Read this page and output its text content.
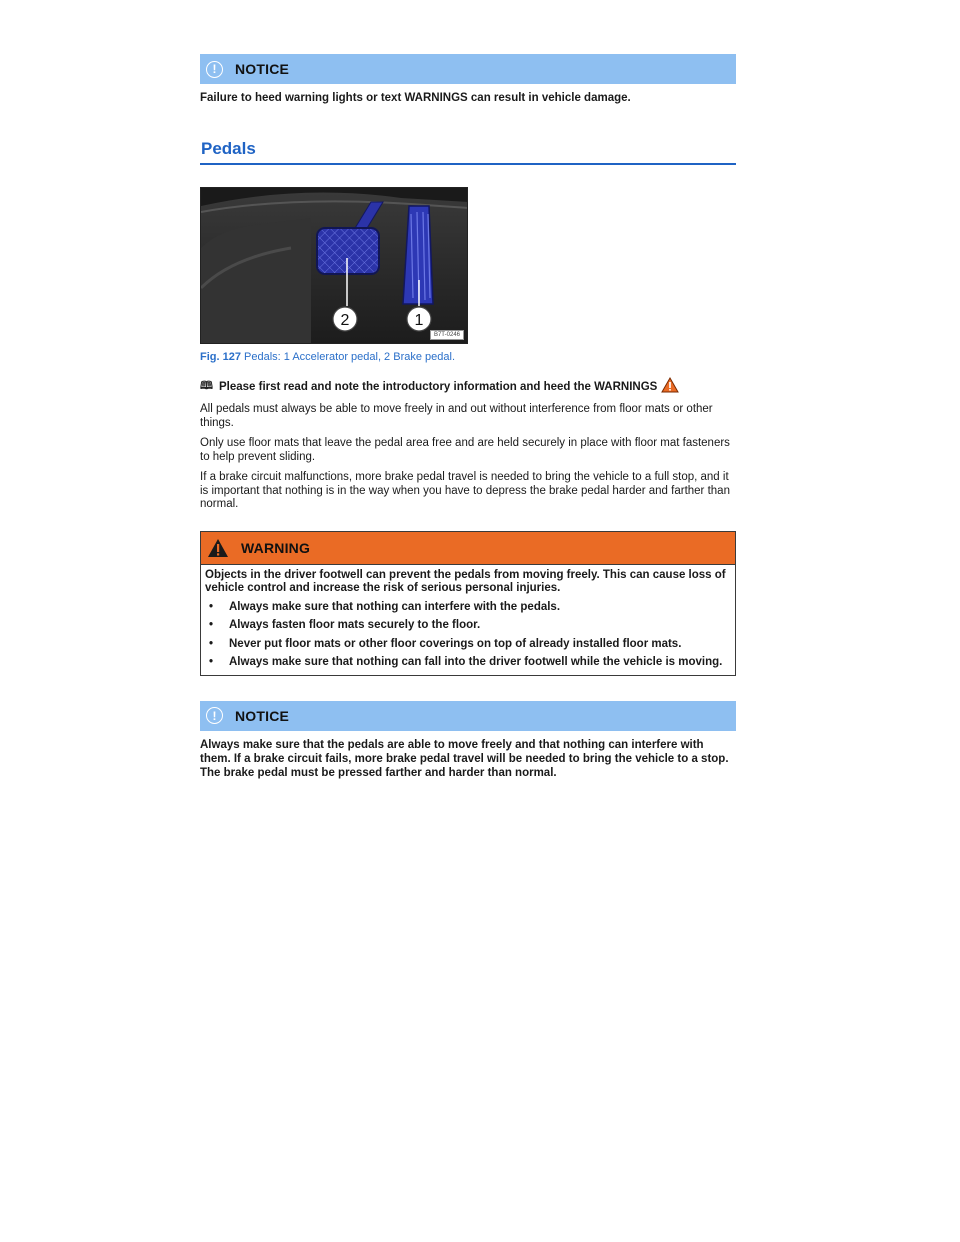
!	NOTICE
Failure to heed warning lights or text WARNINGS can result in vehicle damage.
Pedals
2	1
B7T-0246
Fig. 127 Pedals: 1 Accelerator pedal, 2 Brake pedal.
🕮 Please first read and note the introductory information and heed the WARNINGS
All pedals must always be able to move freely in and out without interference from floor mats or other things.
Only use floor mats that leave the pedal area free and are held securely in place with floor mat fasteners to help prevent sliding.
If a brake circuit malfunctions, more brake pedal travel is needed to bring the vehicle to a full stop, and it is important that nothing is in the way when you have to depress the brake pedal harder and farther than normal.
WARNING
Objects in the driver footwell can prevent the pedals from moving freely. This can cause loss of vehicle control and increase the risk of serious personal injuries.
•	Always make sure that nothing can interfere with the pedals.
•	Always fasten floor mats securely to the floor.
•	Never put floor mats or other floor coverings on top of already installed floor mats.
•	Always make sure that nothing can fall into the driver footwell while the vehicle is moving.
!	NOTICE
Always make sure that the pedals are able to move freely and that nothing can interfere with them. If a brake circuit fails, more brake pedal travel will be needed to bring the vehicle to a stop. The brake pedal must be pressed farther and harder than normal.
